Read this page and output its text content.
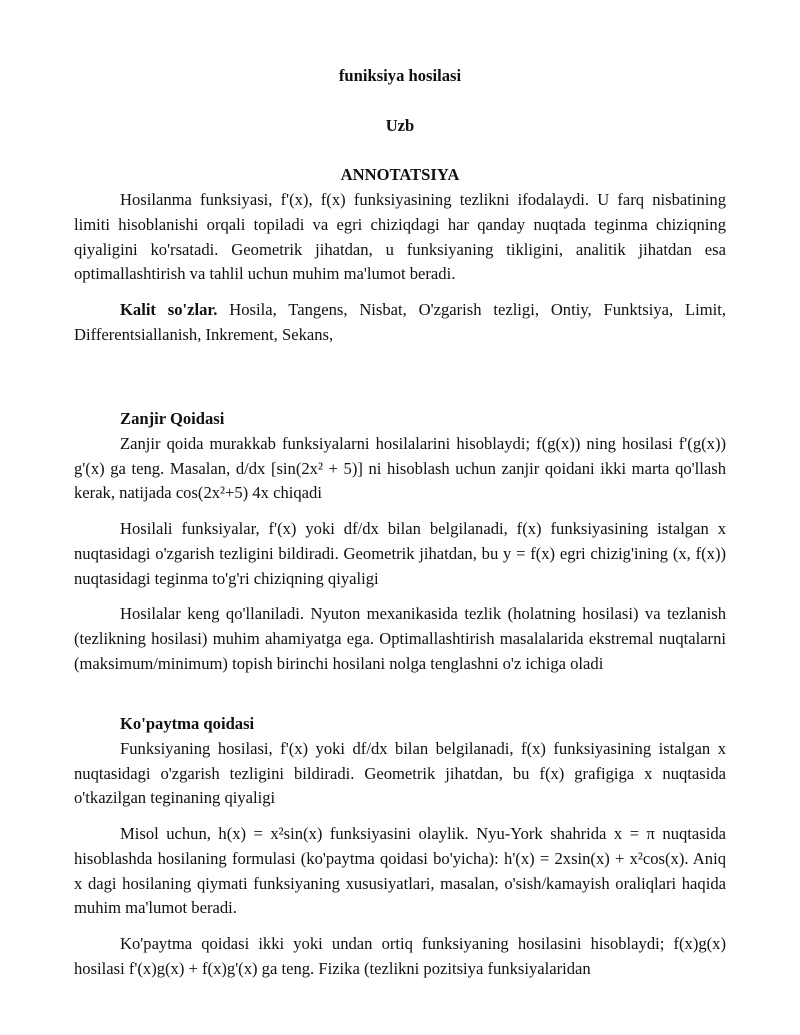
funiksiya hosilasi
Uzb
ANNOTATSIYA

Hosilanma funksiyasi, f'(x), f(x) funksiyasining tezlikni ifodalaydi. U farq nisbatining limiti hisoblanishi orqali topiladi va egri chiziqdagi har qanday nuqtada teginma chiziqning qiyaligini ko'rsatadi. Geometrik jihatdan, u funksiyaning tikligini, analitik jihatdan esa optimallashtirish va tahlil uchun muhim ma'lumot beradi.

Kalit so'zlar. Hosila, Tangens, Nisbat, O'zgarish tezligi, Ontiy, Funktsiya, Limit, Differentsiallanish, Inkrement, Sekans,

Zanjir Qoidasi

Zanjir qoida murakkab funksiyalarni hosilalarini hisoblaydi; f(g(x)) ning hosilasi f'(g(x)) g'(x) ga teng. Masalan, d/dx [sin(2x² + 5)] ni hisoblash uchun zanjir qoidani ikki marta qo'llash kerak, natijada cos(2x²+5) 4x chiqadi

Hosilali funksiyalar, f'(x) yoki df/dx bilan belgilanadi, f(x) funksiyasining istalgan x nuqtasidagi o'zgarish tezligini bildiradi. Geometrik jihatdan, bu y = f(x) egri chizig'ining (x, f(x)) nuqtasidagi teginma to'g'ri chiziqning qiyaligi

Hosilalar keng qo'llaniladi. Nyuton mexanikasida tezlik (holatning hosilasi) va tezlanish (tezlikning hosilasi) muhim ahamiyatga ega. Optimallashtirish masalalarida ekstremal nuqtalarni (maksimum/minimum) topish birinchi hosilani nolga tenglashni o'z ichiga oladi

Ko'paytma qoidasi

Funksiyaning hosilasi, f'(x) yoki df/dx bilan belgilanadi, f(x) funksiyasining istalgan x nuqtasidagi o'zgarish tezligini bildiradi. Geometrik jihatdan, bu f(x) grafigiga x nuqtasida o'tkazilgan teginaning qiyaligi

Misol uchun, h(x) = x²sin(x) funksiyasini olaylik. Nyu-York shahrida x = π nuqtasida hisoblashda hosilaning formulasi (ko'paytma qoidasi bo'yicha): h'(x) = 2xsin(x) + x²cos(x). Aniq x dagi hosilaning qiymati funksiyaning xususiyatlari, masalan, o'sish/kamayish oraliqlari haqida muhim ma'lumot beradi.

Ko'paytma qoidasi ikki yoki undan ortiq funksiyaning hosilasini hisoblaydi; f(x)g(x) hosilasi f'(x)g(x) + f(x)g'(x) ga teng. Fizika (tezlikni pozitsiya funksiyalaridan
